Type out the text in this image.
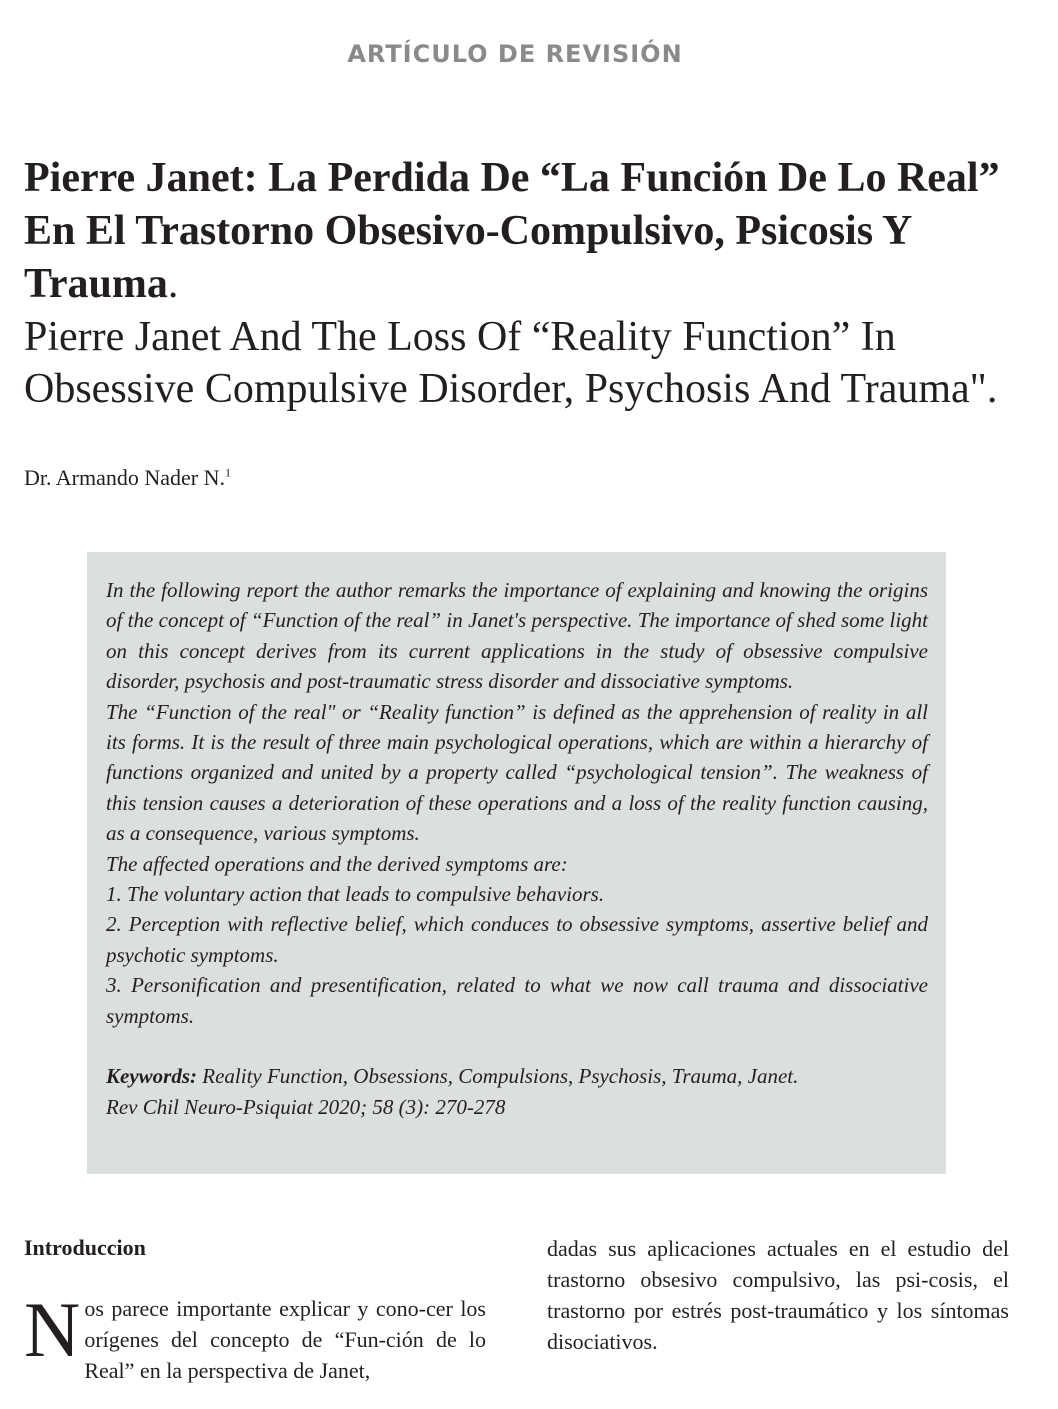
ARTÍCULO DE REVISIÓN
Pierre Janet: La Perdida De “La Función De Lo Real” En El Trastorno Obsesivo-Compulsivo, Psicosis Y Trauma.
Pierre Janet And The Loss Of “Reality Function” In Obsessive Compulsive Disorder, Psychosis And Trauma".
Dr. Armando Nader N.$^1$

In the following report the author remarks the importance of explaining and knowing the origins of the concept of “Function of the real” in Janet's perspective. The importance of shed some light on this concept derives from its current applications in the study of obsessive compulsive disorder, psychosis and post-traumatic stress disorder and dissociative symptoms.

The “Function of the real" or “Reality function” is defined as the apprehension of reality in all its forms. It is the result of three main psychological operations, which are within a hierarchy of functions organized and united by a property called “psychological tension”. The weakness of this tension causes a deterioration of these operations and a loss of the reality function causing, as a consequence, various symptoms.

The affected operations and the derived symptoms are:

1. The voluntary action that leads to compulsive behaviors.

2. Perception with reflective belief, which conduces to obsessive symptoms, assertive belief and psychotic symptoms.

3. Personification and presentification, related to what we now call trauma and dissociative symptoms.

Keywords: Reality Function, Obsessions, Compulsions, Psychosis, Trauma, Janet.

Rev Chil Neuro-Psiquiat 2020; 58 (3): 270-278

Introduccion

Nos parece importante explicar y cono-cer los orígenes del concepto de “Fun-ción de lo Real” en la perspectiva de Janet,

dadas sus aplicaciones actuales en el estudio del trastorno obsesivo compulsivo, las psi-cosis, el trastorno por estrés post-traumático y los síntomas disociativos.
